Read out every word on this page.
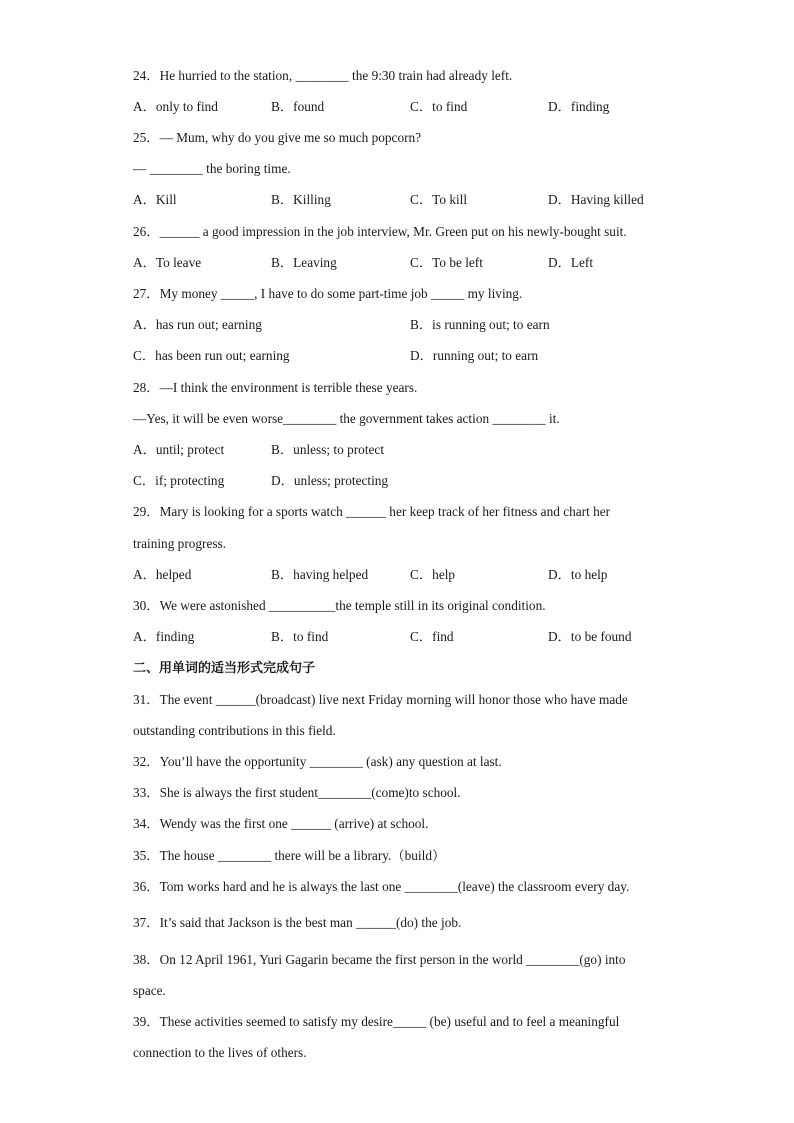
24．He hurried to the station, ________ the 9:30 train had already left.
A．only to find	B．found	C．to find	D．finding
25．— Mum, why do you give me so much popcorn?
— ________ the boring time.
A．Kill	B．Killing	C．To kill	D．Having killed
26．______ a good impression in the job interview, Mr. Green put on his newly-bought suit.
A．To leave	B．Leaving	C．To be left	D．Left
27．My money _____, I have to do some part-time job _____ my living.
A．has run out; earning	B．is running out; to earn
C．has been run out; earning	D．running out; to earn
28．—I think the environment is terrible these years.
—Yes, it will be even worse________ the government takes action ________ it.
A．until; protect	B．unless; to protect
C．if; protecting	D．unless; protecting
29．Mary is looking for a sports watch ______ her keep track of her fitness and chart her
training progress.
A．helped	B．having helped	C．help	D．to help
30．We were astonished __________the temple still in its original condition.
A．finding	B．to find	C．find	D．to be found
二、用单词的适当形式完成句子
31．The event ______(broadcast) live next Friday morning will honor those who have made
outstanding contributions in this field.
32．You’ll have the opportunity ________ (ask) any question at last.
33．She is always the first student________(come)to school.
34．Wendy was the first one ______ (arrive) at school.
35．The house ________ there will be a library.（build）
36．Tom works hard and he is always the last one ________(leave) the classroom every day.
37．It’s said that Jackson is the best man ______(do) the job.
38．On 12 April 1961, Yuri Gagarin became the first person in the world ________(go) into
space.
39．These activities seemed to satisfy my desire_____ (be) useful and to feel a meaningful
connection to the lives of others.
